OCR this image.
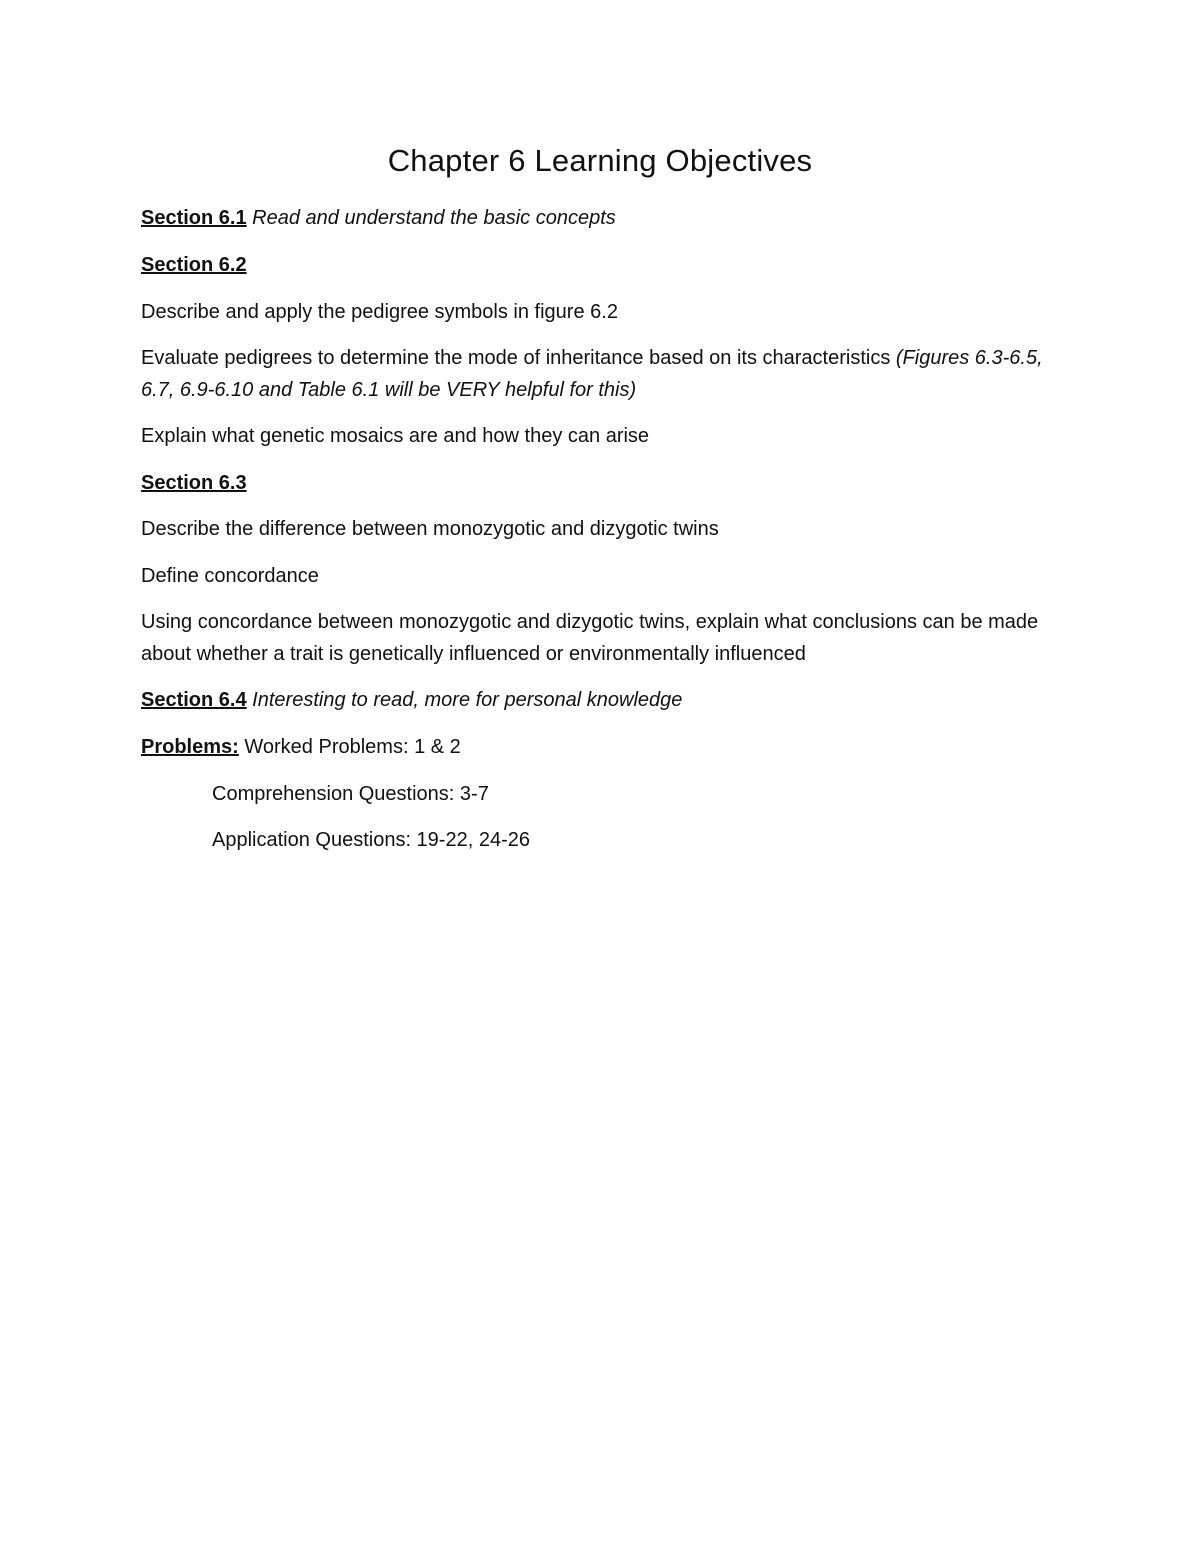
Chapter 6 Learning Objectives

Section 6.1 Read and understand the basic concepts

Section 6.2

Describe and apply the pedigree symbols in figure 6.2

Evaluate pedigrees to determine the mode of inheritance based on its characteristics (Figures 6.3-6.5, 6.7, 6.9-6.10 and Table 6.1 will be VERY helpful for this)

Explain what genetic mosaics are and how they can arise

Section 6.3

Describe the difference between monozygotic and dizygotic twins

Define concordance

Using concordance between monozygotic and dizygotic twins, explain what conclusions can be made about whether a trait is genetically influenced or environmentally influenced

Section 6.4 Interesting to read, more for personal knowledge

Problems: Worked Problems: 1 & 2

Comprehension Questions: 3-7

Application Questions: 19-22, 24-26
